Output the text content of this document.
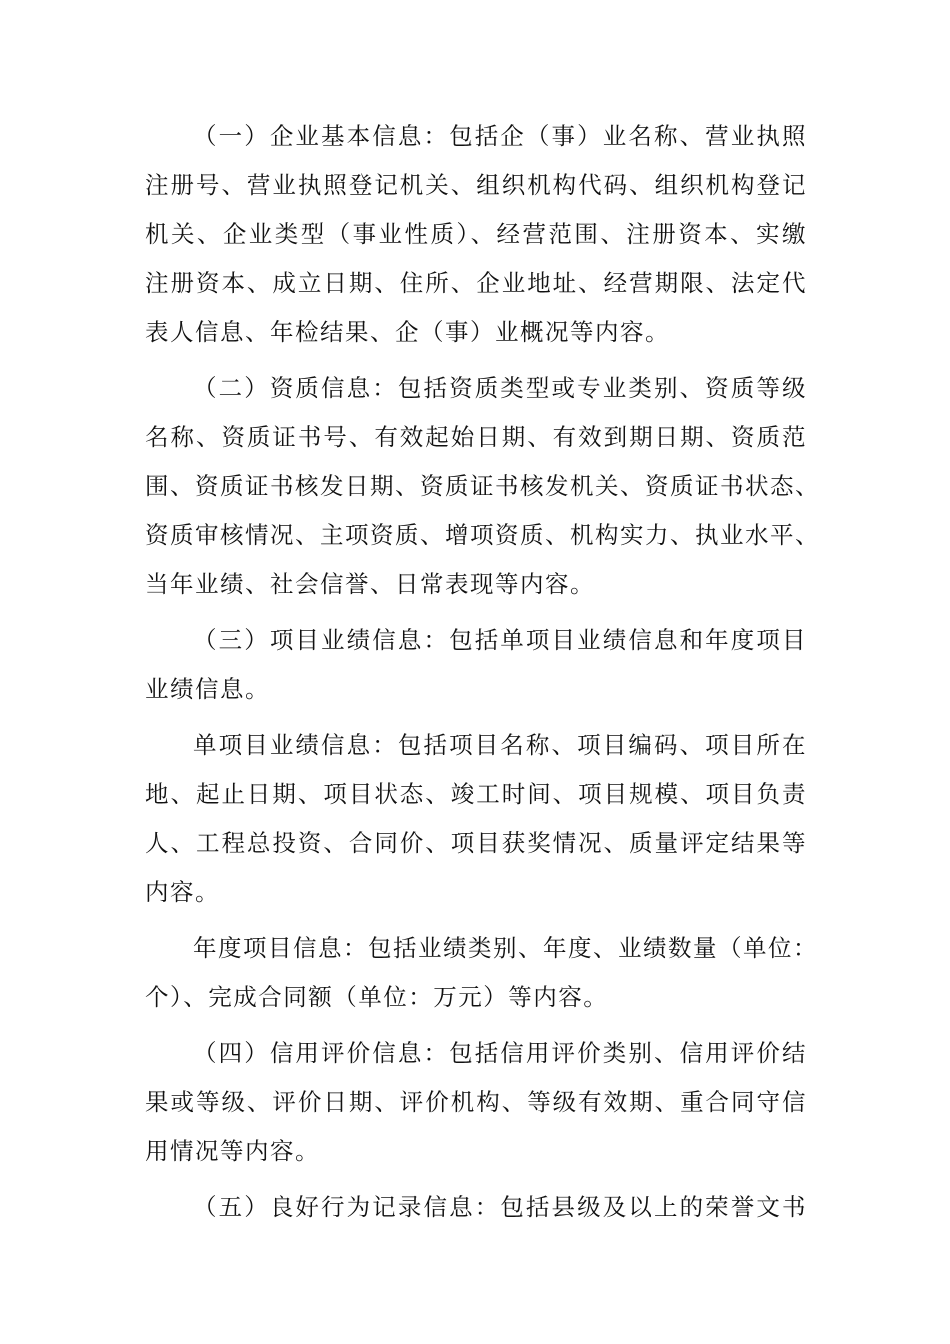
（一）企业基本信息：包括企（事）业名称、营业执照
注册号、营业执照登记机关、组织机构代码、组织机构登记
机关、企业类型（事业性质）、经营范围、注册资本、实缴
注册资本、成立日期、住所、企业地址、经营期限、法定代
表人信息、年检结果、企（事）业概况等内容。
（二）资质信息：包括资质类型或专业类别、资质等级
名称、资质证书号、有效起始日期、有效到期日期、资质范
围、资质证书核发日期、资质证书核发机关、资质证书状态、
资质审核情况、主项资质、增项资质、机构实力、执业水平、
当年业绩、社会信誉、日常表现等内容。
（三）项目业绩信息：包括单项目业绩信息和年度项目
业绩信息。
单项目业绩信息：包括项目名称、项目编码、项目所在
地、起止日期、项目状态、竣工时间、项目规模、项目负责
人、工程总投资、合同价、项目获奖情况、质量评定结果等
内容。
年度项目信息：包括业绩类别、年度、业绩数量（单位：
个）、完成合同额（单位：万元）等内容。
（四）信用评价信息：包括信用评价类别、信用评价结
果或等级、评价日期、评价机构、等级有效期、重合同守信
用情况等内容。
（五）良好行为记录信息：包括县级及以上的荣誉文书
